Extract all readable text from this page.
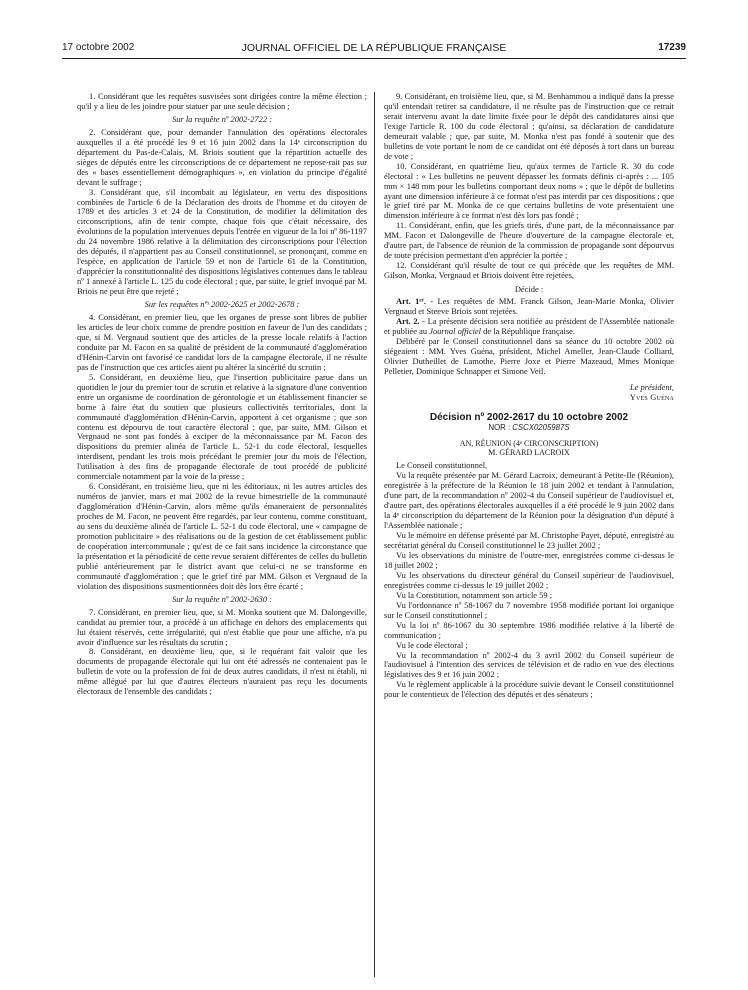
17 octobre 2002	JOURNAL OFFICIEL DE LA RÉPUBLIQUE FRANÇAISE	17239

1. Considérant que les requêtes susvisées sont dirigées contre la même élection ; qu'il y a lieu de les joindre pour statuer par une seule décision ;

Sur la requête nº 2002-2722 :

2. Considérant que, pour demander l'annulation des opérations électorales auxquelles il a été procédé les 9 et 16 juin 2002 dans la 14ᵉ circonscription du département du Pas-de-Calais, M. Briois soutient que la répartition actuelle des sièges de députés entre les circonscriptions de ce département ne repose-rait pas sur des « bases essentiellement démographiques », en violation du principe d'égalité devant le suffrage ;

3. Considérant que, s'il incombait au législateur, en vertu des dispositions combinées de l'article 6 de la Déclaration des droits de l'homme et du citoyen de 1789 et des articles 3 et 24 de la Constitution, de modifier la délimitation des circonscriptions, afin de tenir compte, chaque fois que c'était nécessaire, des évolutions de la population intervenues depuis l'entrée en vigueur de la loi nº 86-1197 du 24 novembre 1986 relative à la délimitation des circonscriptions pour l'élection des députés, il n'appartient pas au Conseil constitutionnel, se prononçant, comme en l'espèce, en application de l'article 59 et non de l'article 61 de la Constitution, d'apprécier la constitutionnalité des dispositions législatives contenues dans le tableau nº 1 annexé à l'article L. 125 du code électoral ; que, par suite, le grief invoqué par M. Briois ne peut être que rejeté ;

Sur les requêtes nºˢ 2002-2625 et 2002-2678 :

4. Considérant, en premier lieu, que les organes de presse sont libres de publier les articles de leur choix comme de prendre position en faveur de l'un des candidats ; que, si M. Vergnaud soutient que des articles de la presse locale relatifs à l'action conduite par M. Facon en sa qualité de président de la communauté d'agglomération d'Hénin-Carvin ont favorisé ce candidat lors de la campagne électorale, il ne résulte pas de l'instruction que ces articles aient pu altérer la sincérité du scrutin ;

5. Considérant, en deuxième lieu, que l'insertion publicitaire parue dans un quotidien le jour du premier tour de scrutin et relative à la signature d'une convention entre un organisme de coordination de gérontologie et un établissement financier se borne à faire état du soutien que plusieurs collectivités territoriales, dont la communauté d'agglomération d'Hénin-Carvin, apportent à cet organisme ; que son contenu est dépourvu de tout caractère électoral ; que, par suite, MM. Gilson et Vergnaud ne sont pas fondés à exciper de la méconnaissance par M. Facon des dispositions du premier alinéa de l'article L. 52-1 du code électoral, lesquelles interdisent, pendant les trois mois précédant le premier jour du mois de l'élection, l'utilisation à des fins de propagande électorale de tout procédé de publicité commerciale notamment par la voie de la presse ;

6. Considérant, en troisième lieu, que ni les éditoriaux, ni les autres articles des numéros de janvier, mars et mai 2002 de la revue bimestrielle de la communauté d'agglomération d'Hénin-Carvin, alors même qu'ils émaneraient de personnalités proches de M. Facon, ne peuvent être regardés, par leur contenu, comme constituant, au sens du deuxième alinéa de l'article L. 52-1 du code électoral, une « campagne de promotion publicitaire » des réalisations ou de la gestion de cet établissement public de coopération intercommunale ; qu'est de ce fait sans incidence la circonstance que la présentation et la périodicité de cette revue seraient différentes de celles du bulletin publié antérieurement par le district avant que celui-ci ne se transforme en communauté d'agglomération ; que le grief tiré par MM. Gilson et Vergnaud de la violation des dispositions susmentionnées doit dès lors être écarté ;

Sur la requête nº 2002-2630 :

7. Considérant, en premier lieu, que, si M. Monka soutient que M. Dalongeville, candidat au premier tour, a procédé à un affichage en dehors des emplacements qui lui étaient réservés, cette irrégularité, qui n'est établie que pour une affiche, n'a pu avoir d'influence sur les résultats du scrutin ;

8. Considérant, en deuxième lieu, que, si le requérant fait valoir que les documents de propagande électorale qui lui ont été adressés ne contenaient pas le bulletin de vote ou la profession de foi de deux autres candidats, il n'est ni établi, ni même allégué par lui que d'autres électeurs n'auraient pas reçu les documents électoraux de l'ensemble des candidats ;

9. Considérant, en troisième lieu, que, si M. Benhammou a indiqué dans la presse qu'il entendait retirer sa candidature, il ne résulte pas de l'instruction que ce retrait serait intervenu avant la date limite fixée pour le dépôt des candidatures ainsi que l'exige l'article R. 100 du code électoral ; qu'ainsi, sa déclaration de candidature demeurait valable ; que, par suite, M. Monka n'est pas fondé à soutenir que des bulletins de vote portant le nom de ce candidat ont été déposés à tort dans un bureau de vote ;

10. Considérant, en quatrième lieu, qu'aux termes de l'article R. 30 du code électoral : « Les bulletins ne peuvent dépasser les formats définis ci-après : ... 105 mm × 148 mm pour les bulletins comportant deux noms » ; que le dépôt de bulletins ayant une dimension inférieure à ce format n'est pas interdit par ces dispositions ; que le grief tiré par M. Monka de ce que certains bulletins de vote présentaient une dimension inférieure à ce format n'est dès lors pas fondé ;

11. Considérant, enfin, que les griefs tirés, d'une part, de la méconnaissance par MM. Facon et Dalongeville de l'heure d'ouverture de la campagne électorale et, d'autre part, de l'absence de réunion de la commission de propagande sont dépourvus de toute précision permettant d'en apprécier la portée ;

12. Considérant qu'il résulte de tout ce qui précède que les requêtes de MM. Gilson, Monka, Vergnaud et Briois doivent être rejetées,

Décide :

Art. 1ᵉʳ. - Les requêtes de MM. Franck Gilson, Jean-Marie Monka, Olivier Vergnaud et Steeve Briois sont rejetées.

Art. 2. - La présente décision sera notifiée au président de l'Assemblée nationale et publiée au Journal officiel de la République française.

Délibéré par le Conseil constitutionnel dans sa séance du 10 octobre 2002 où siégeaient : MM. Yves Guéna, président, Michel Ameller, Jean-Claude Colliard, Olivier Dutheillet de Lamothe, Pierre Joxe et Pierre Mazeaud, Mmes Monique Pelletier, Dominique Schnapper et Simone Veil.

Le président,

Yves Guéna

Décision nº 2002-2617 du 10 octobre 2002

NOR : CSCX0205987S

AN, RÉUNION (4ᵉ CIRCONSCRIPTION)

M. GÉRARD LACROIX

Le Conseil constitutionnel,

Vu la requête présentée par M. Gérard Lacroix, demeurant à Petite-Ile (Réunion), enregistrée à la préfecture de la Réunion le 18 juin 2002 et tendant à l'annulation, d'une part, de la recommandation nº 2002-4 du Conseil supérieur de l'audiovisuel et, d'autre part, des opérations électorales auxquelles il a été procédé le 9 juin 2002 dans la 4ᵉ circonscription du département de la Réunion pour la désignation d'un député à l'Assemblée nationale ;

Vu le mémoire en défense présenté par M. Christophe Payet, député, enregistré au secrétariat général du Conseil constitutionnel le 23 juillet 2002 ;

Vu les observations du ministre de l'outre-mer, enregistrées comme ci-dessus le 18 juillet 2002 ;

Vu les observations du directeur général du Conseil supérieur de l'audiovisuel, enregistrées comme ci-dessus le 19 juillet 2002 ;

Vu la Constitution, notamment son article 59 ;

Vu l'ordonnance nº 58-1067 du 7 novembre 1958 modifiée portant loi organique sur le Conseil constitutionnel ;

Vu la loi nº 86-1067 du 30 septembre 1986 modifiée relative à la liberté de communication ;

Vu le code électoral ;

Vu la recommandation nº 2002-4 du 3 avril 2002 du Conseil supérieur de l'audiovisuel à l'intention des services de télévision et de radio en vue des élections législatives des 9 et 16 juin 2002 ;

Vu le règlement applicable à la procédure suivie devant le Conseil constitutionnel pour le contentieux de l'élection des députés et des sénateurs ;
